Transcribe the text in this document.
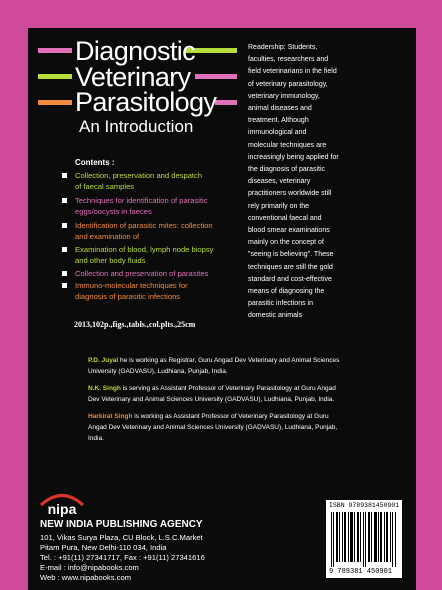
Diagnostic
Veterinary
Parasitology
An Introduction
Contents :
Collection, preservation and despatch
of faecal samples
Techniques for identification of parasitic
eggs/oocysts in faeces
Identification of parasitic mites: collection
and examination of
Examination of blood, lymph node biopsy
and other body fluids
Collection and preservation of parasites
Immuno-molecular techniques for
diagnosis of parasitic infections
2013,102p.,figs.,tabls.,col.plts.,25cm
Readership: Students,
faculties, researchers and
field veterinarians in the field
of veterinary parasitology,
veterinary immunology,
animal diseases and
treatment. Although
immunological and
molecular techniques are
increasingly being applied for
the diagnosis of parasitic
diseases, veterinary
practitioners worldwide still
rely primarily on the
conventional faecal and
blood smear examinations
mainly on the concept of
"seeing is believing". These
techniques are still the gold
standard and cost-effective
means of diagnosing the
parasitic infections in
domestic animals
P.D. Juyal he is working as Registrar, Guru Angad Dev Veterinary and Animal Sciences
University (GADVASU), Ludhiana, Punjab, India.
N.K. Singh is serving as Assistant Professor of Veterinary Parasitology at Guru Angad
Dev Veterinary and Animal Sciences University (GADVASU), Ludhiana, Punjab, India.
Harkirat Singh is working as Assistant Professor of Veterinary Parasitology at Guru
Angad Dev Veterinary and Animal Sciences University (GADVASU), Ludhiana, Punjab,
India.
nipa
NEW INDIA PUBLISHING AGENCY
101, Vikas Surya Plaza, CU Block, L.S.C.Market
Pitam Pura, New Delhi-110 034, India
Tel. : +91(11) 27341717, Fax : +91(11) 27341616
E-mail : info@nipabooks.com
Web : www.nipabooks.com
ISBN 9789381450901
9 789381 450901
